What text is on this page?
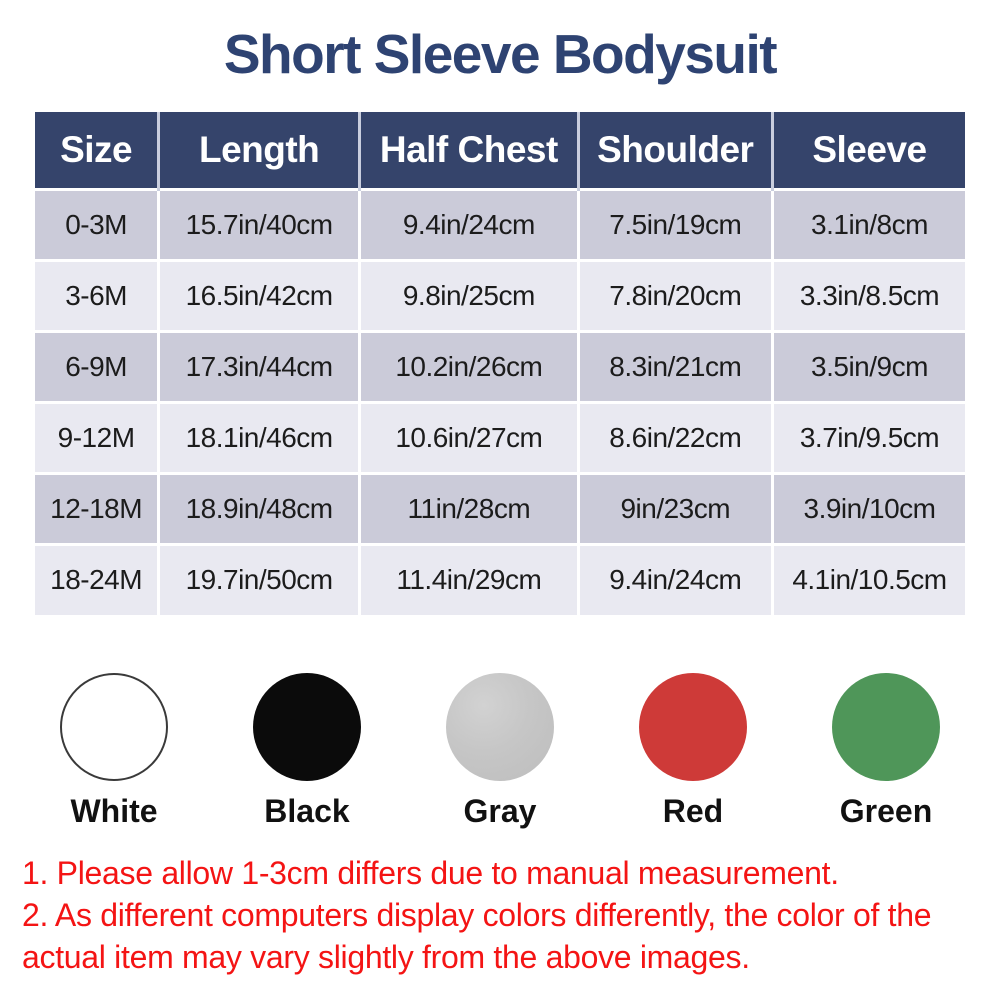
Short Sleeve Bodysuit
Size	Length	Half Chest	Shoulder	Sleeve
0-3M	15.7in/40cm	9.4in/24cm	7.5in/19cm	3.1in/8cm
3-6M	16.5in/42cm	9.8in/25cm	7.8in/20cm	3.3in/8.5cm
6-9M	17.3in/44cm	10.2in/26cm	8.3in/21cm	3.5in/9cm
9-12M	18.1in/46cm	10.6in/27cm	8.6in/22cm	3.7in/9.5cm
12-18M	18.9in/48cm	11in/28cm	9in/23cm	3.9in/10cm
18-24M	19.7in/50cm	11.4in/29cm	9.4in/24cm	4.1in/10.5cm
White	Black	Gray	Red	Green

1. Please allow 1-3cm differs due to manual measurement.

2. As different computers display colors differently, the color of the actual item may vary slightly from the above images.
